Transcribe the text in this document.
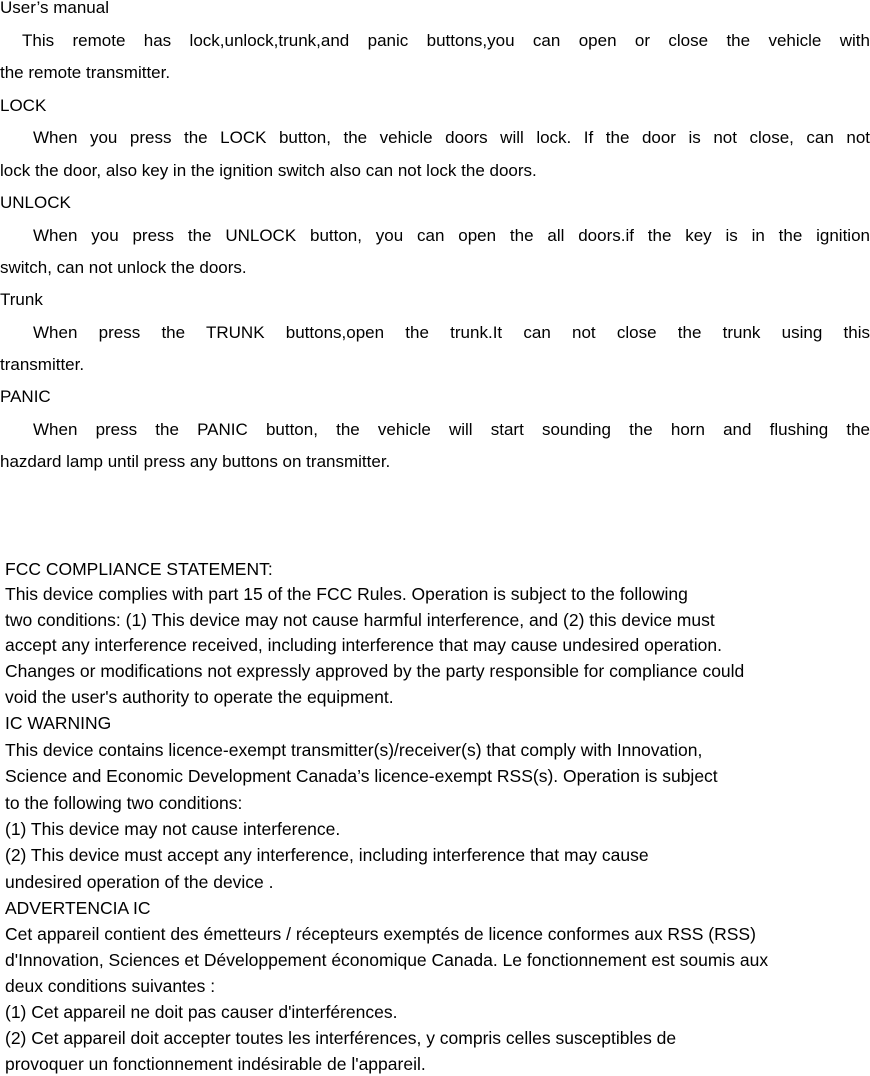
User’s manual
This remote has lock,unlock,trunk,and panic buttons,you can open or close the vehicle with
the remote transmitter.
LOCK
When you press the LOCK button, the vehicle doors will lock. If the door is not close, can not
lock the door, also key in the ignition switch also can not lock the doors.
UNLOCK
When you press the UNLOCK button, you can open the all doors.if the key is in the ignition
switch, can not unlock the doors.
Trunk
When press the TRUNK buttons,open the trunk.It can not close the trunk using this
transmitter.
PANIC
When press the PANIC button, the vehicle will start sounding the horn and flushing the
hazdard lamp until press any buttons on transmitter.
FCC COMPLIANCE STATEMENT:
This device complies with part 15 of the FCC Rules. Operation is subject to the following
two conditions: (1) This device may not cause harmful interference, and (2) this device must
accept any interference received, including interference that may cause undesired operation.
Changes or modifications not expressly approved by the party responsible for compliance could
void the user's authority to operate the equipment.
IC WARNING
This device contains licence-exempt transmitter(s)/receiver(s) that comply with Innovation,
Science and Economic Development Canada’s licence-exempt RSS(s). Operation is subject
to the following two conditions:
(1) This device may not cause interference.
(2) This device must accept any interference, including interference that may cause
undesired operation of the device .
ADVERTENCIA IC
Cet appareil contient des émetteurs / récepteurs exemptés de licence conformes aux RSS (RSS)
d'Innovation, Sciences et Développement économique Canada. Le fonctionnement est soumis aux
deux conditions suivantes :
(1) Cet appareil ne doit pas causer d'interférences.
(2) Cet appareil doit accepter toutes les interférences, y compris celles susceptibles de
provoquer un fonctionnement indésirable de l'appareil.
